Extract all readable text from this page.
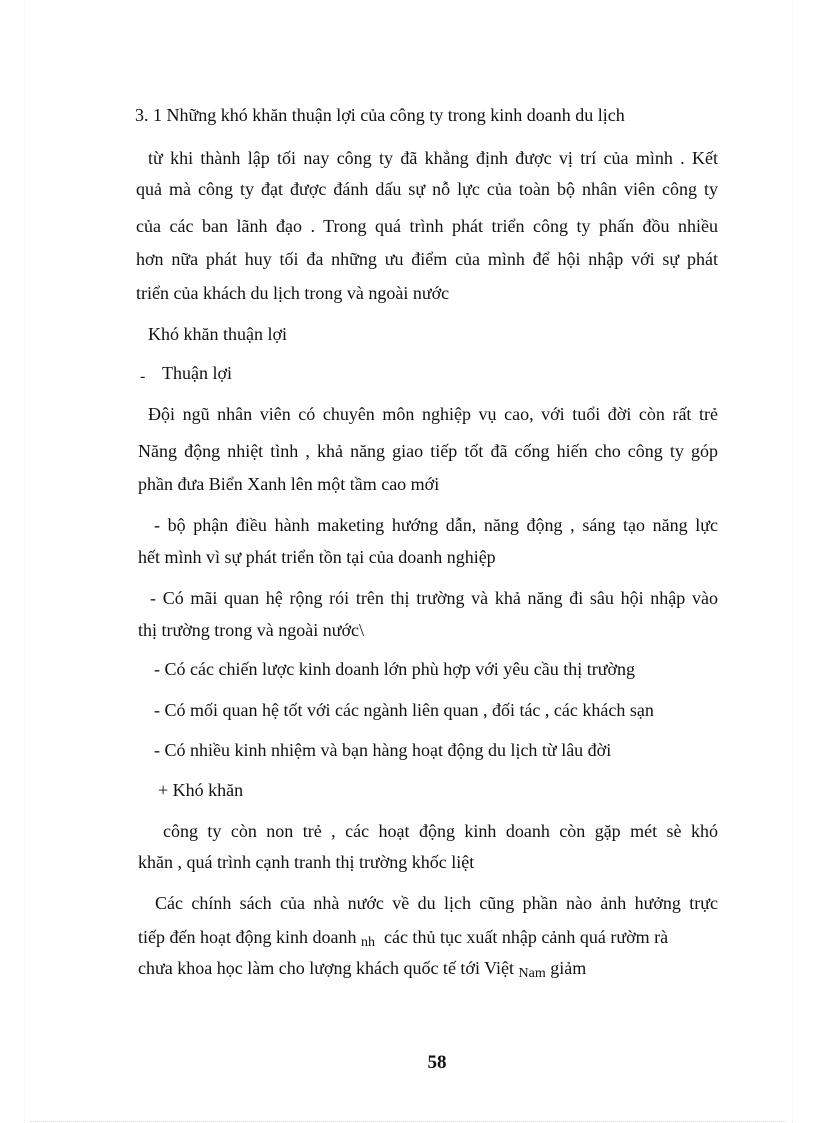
3. 1 Những khó khăn thuận lợi của công ty trong kinh doanh du lịch
từ khi thành lập tối nay công ty đã khẳng định được vị trí của mình . Kết
quả mà công ty đạt được đánh dấu sự nỗ lực của toàn bộ nhân viên công ty
của các ban lãnh đạo . Trong quá trình phát triển công ty phấn đồu nhiều
hơn nữa phát huy tối đa những ưu điểm của mình để hội nhập với sự phát
triển của khách du lịch trong và ngoài nước
Khó khăn thuận lợi
- Thuận lợi
Đội ngũ nhân viên có chuyên môn nghiệp vụ cao, với tuổi đời còn rất trẻ
Năng động nhiệt tình , khả năng giao tiếp tốt đã cống hiến cho công ty góp
phần đưa Biển Xanh lên một tầm cao mới
- bộ phận điều hành maketing hướng dẫn, năng động , sáng tạo năng lực
hết mình vì sự phát triển tồn tại của doanh nghiệp
- Có mãi quan hệ rộng rói trên thị trường và khả năng đi sâu hội nhập vào
thị trường trong và ngoài nước\
- Có các chiến lược kinh doanh lớn phù hợp với yêu cầu thị trường
- Có mối quan hệ tốt với các ngành liên quan , đối tác , các khách sạn
- Có nhiều kinh nhiệm và bạn hàng hoạt động du lịch từ lâu đời
+ Khó khăn
công ty còn non trẻ , các hoạt động kinh doanh còn gặp mét sè khó
khăn , quá trình cạnh tranh thị trường khốc liệt
Các chính sách của nhà nước về du lịch cũng phần nào ảnh hưởng trực
tiếp đến hoạt động kinh doanh nh các thủ tục xuất nhập cảnh quá rườm rà
chưa khoa học làm cho lượng khách quốc tế tới Việt Nam giảm
58
